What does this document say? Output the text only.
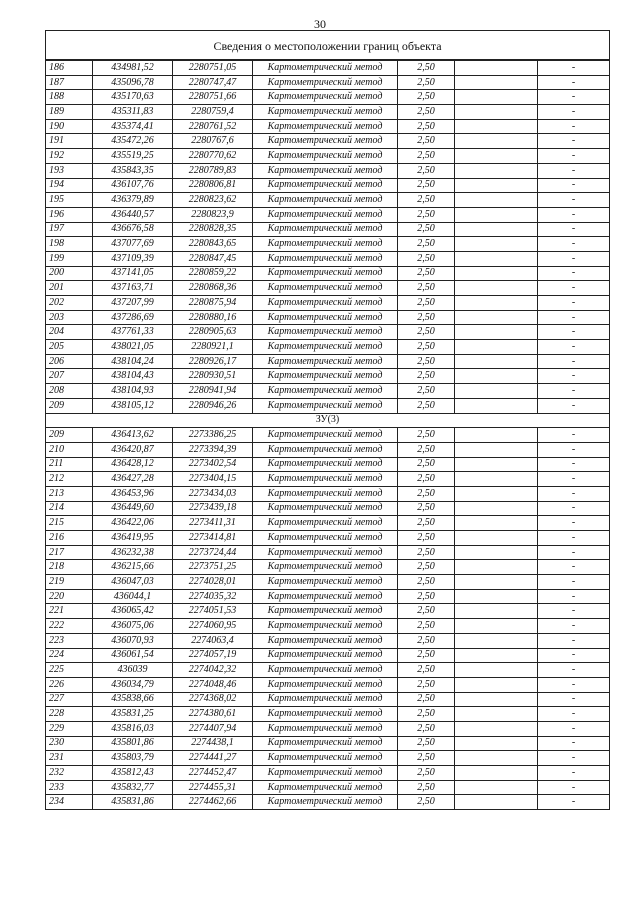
30
Сведения о местоположении границ объекта
186	434981,52	2280751,05	Картометрический метод	2,50		-
187	435096,78	2280747,47	Картометрический метод	2,50		-
188	435170,63	2280751,66	Картометрический метод	2,50		-
189	435311,83	2280759,4	Картометрический метод	2,50		-
190	435374,41	2280761,52	Картометрический метод	2,50		-
191	435472,26	2280767,6	Картометрический метод	2,50		-
192	435519,25	2280770,62	Картометрический метод	2,50		-
193	435843,35	2280789,83	Картометрический метод	2,50		-
194	436107,76	2280806,81	Картометрический метод	2,50		-
195	436379,89	2280823,62	Картометрический метод	2,50		-
196	436440,57	2280823,9	Картометрический метод	2,50		-
197	436676,58	2280828,35	Картометрический метод	2,50		-
198	437077,69	2280843,65	Картометрический метод	2,50		-
199	437109,39	2280847,45	Картометрический метод	2,50		-
200	437141,05	2280859,22	Картометрический метод	2,50		-
201	437163,71	2280868,36	Картометрический метод	2,50		-
202	437207,99	2280875,94	Картометрический метод	2,50		-
203	437286,69	2280880,16	Картометрический метод	2,50		-
204	437761,33	2280905,63	Картометрический метод	2,50		-
205	438021,05	2280921,1	Картометрический метод	2,50		-
206	438104,24	2280926,17	Картометрический метод	2,50		-
207	438104,43	2280930,51	Картометрический метод	2,50		-
208	438104,93	2280941,94	Картометрический метод	2,50		-
209	438105,12	2280946,26	Картометрический метод	2,50		-
ЗУ(3)						
209	436413,62	2273386,25	Картометрический метод	2,50		-
210	436420,87	2273394,39	Картометрический метод	2,50		-
211	436428,12	2273402,54	Картометрический метод	2,50		-
212	436427,28	2273404,15	Картометрический метод	2,50		-
213	436453,96	2273434,03	Картометрический метод	2,50		-
214	436449,60	2273439,18	Картометрический метод	2,50		-
215	436422,06	2273411,31	Картометрический метод	2,50		-
216	436419,95	2273414,81	Картометрический метод	2,50		-
217	436232,38	2273724,44	Картометрический метод	2,50		-
218	436215,66	2273751,25	Картометрический метод	2,50		-
219	436047,03	2274028,01	Картометрический метод	2,50		-
220	436044,1	2274035,32	Картометрический метод	2,50		-
221	436065,42	2274051,53	Картометрический метод	2,50		-
222	436075,06	2274060,95	Картометрический метод	2,50		-
223	436070,93	2274063,4	Картометрический метод	2,50		-
224	436061,54	2274057,19	Картометрический метод	2,50		-
225	436039	2274042,32	Картометрический метод	2,50		-
226	436034,79	2274048,46	Картометрический метод	2,50		-
227	435838,66	2274368,02	Картометрический метод	2,50		-
228	435831,25	2274380,61	Картометрический метод	2,50		-
229	435816,03	2274407,94	Картометрический метод	2,50		-
230	435801,86	2274438,1	Картометрический метод	2,50		-
231	435803,79	2274441,27	Картометрический метод	2,50		-
232	435812,43	2274452,47	Картометрический метод	2,50		-
233	435832,77	2274455,31	Картометрический метод	2,50		-
234	435831,86	2274462,66	Картометрический метод	2,50		-
